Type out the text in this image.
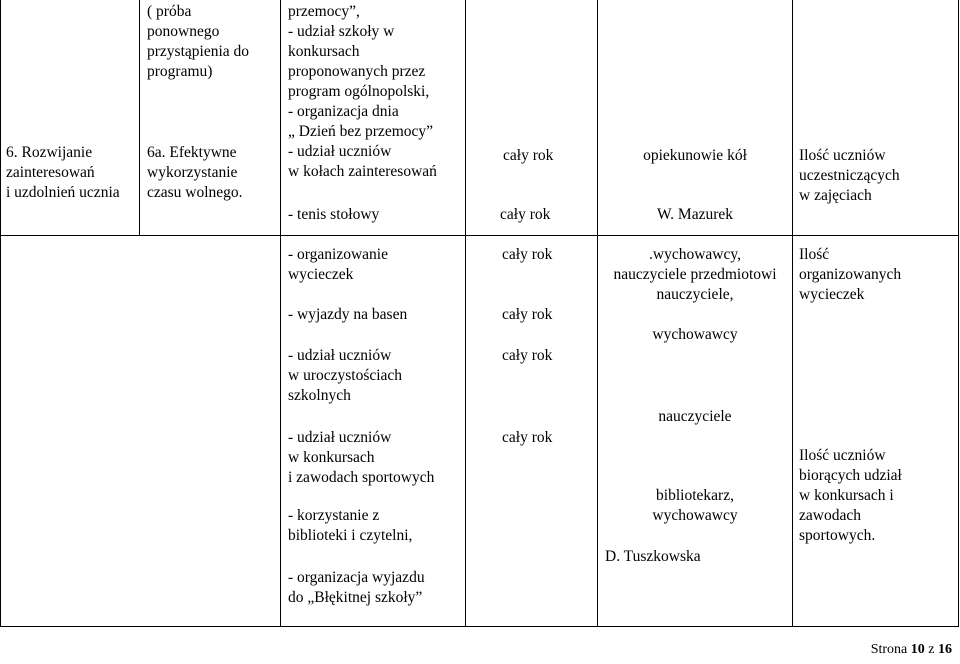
6. Rozwijanie
zainteresowań
i uzdolnień ucznia
( próba
ponownego
przystąpienia do
programu)
6a. Efektywne
wykorzystanie
czasu wolnego.
przemocy”,
- udział szkoły w
konkursach
proponowanych przez
program ogólnopolski,
- organizacja dnia
„ Dzień bez przemocy”
- udział uczniów
w kołach zainteresowań
- tenis stołowy
cały rok
cały rok
opiekunowie kół
W. Mazurek
Ilość uczniów
uczestniczących
w zajęciach
- organizowanie
wycieczek
- wyjazdy na basen
- udział uczniów
w uroczystościach
szkolnych
- udział uczniów
w konkursach
i zawodach sportowych
- korzystanie z
biblioteki i czytelni,
- organizacja wyjazdu
do „Błękitnej szkoły”
cały rok
cały rok
cały rok
cały rok
.wychowawcy,
nauczyciele przedmiotowi
nauczyciele,
wychowawcy
nauczyciele
bibliotekarz,
wychowawcy
D. Tuszkowska
Ilość
organizowanych
wycieczek
Ilość uczniów
biorących udział
w konkursach i
zawodach
sportowych.
Strona 10 z 16
